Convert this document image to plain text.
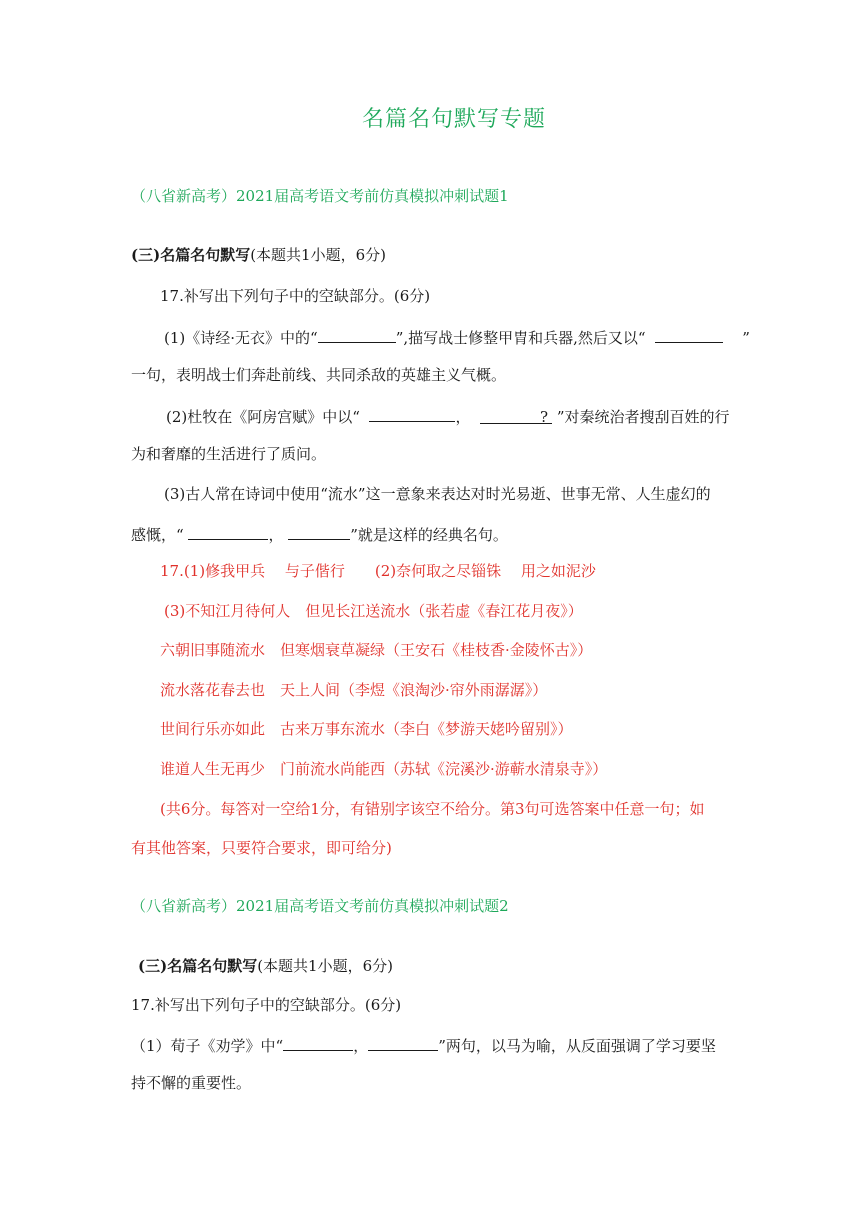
名篇名句默写专题
（八省新高考）2021届高考语文考前仿真模拟冲刺试题1
(三)名篇名句默写(本题共1小题，6分)
17.补写出下列句子中的空缺部分。(6分)
(1)《诗经·无衣》中的“	”,描写战士修整甲胄和兵器,然后又以“	”
一句，表明战士们奔赴前线、共同杀敌的英雄主义气概。
(2)杜牧在《阿房宫赋》中以“	，	? ”对秦统治者搜刮百姓的行
为和奢靡的生活进行了质问。
(3)古人常在诗词中使用“流水”这一意象来表达对时光易逝、世事无常、人生虚幻的
感慨，“	，	”就是这样的经典名句。
17.(1)修我甲兵　 与子偕行　　(2)奈何取之尽锱铢　 用之如泥沙
(3)不知江月待何人　但见长江送流水（张若虚《春江花月夜》）
六朝旧事随流水　但寒烟衰草凝绿（王安石《桂枝香·金陵怀古》）
流水落花春去也　天上人间（李煜《浪淘沙·帘外雨潺潺》）
世间行乐亦如此　古来万事东流水（李白《梦游天姥吟留别》）
谁道人生无再少　门前流水尚能西（苏轼《浣溪沙·游蕲水清泉寺》）
(共6分。每答对一空给1分，有错别字该空不给分。第3句可选答案中任意一句；如
有其他答案，只要符合要求，即可给分)
（八省新高考）2021届高考语文考前仿真模拟冲刺试题2
(三)名篇名句默写(本题共1小题，6分)
17.补写出下列句子中的空缺部分。(6分)
（1）荀子《劝学》中“	，	”两句，以马为喻，从反面强调了学习要坚
持不懈的重要性。
